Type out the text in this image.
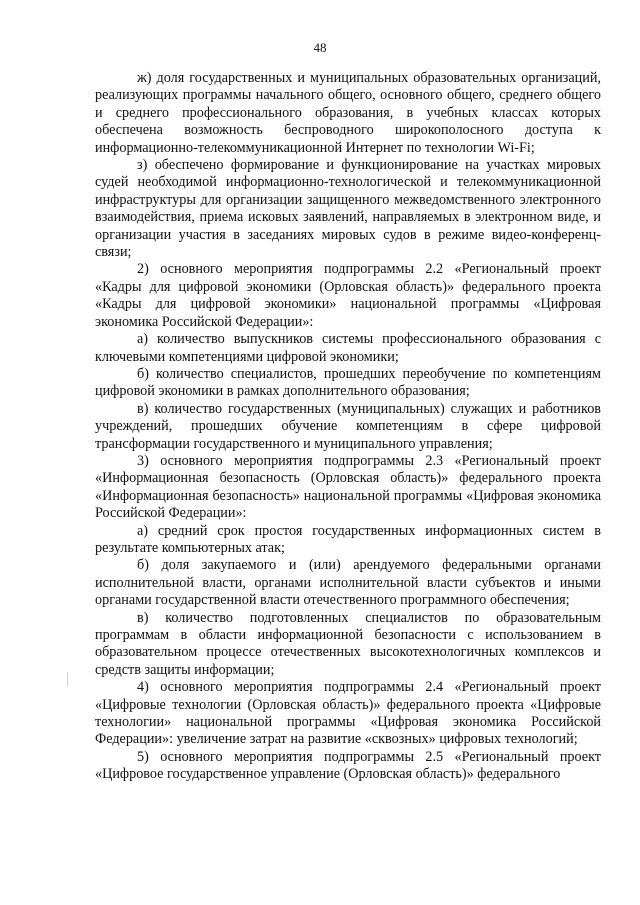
48

ж) доля государственных и муниципальных образовательных организаций, реализующих программы начального общего, основного общего, среднего общего и среднего профессионального образования, в учебных классах которых обеспечена возможность беспроводного широкополосного доступа к информационно-телекоммуникационной Интернет по технологии Wi-Fi;

з) обеспечено формирование и функционирование на участках мировых судей необходимой информационно-технологической и телекоммуникационной инфраструктуры для организации защищенного межведомственного электронного взаимодействия, приема исковых заявлений, направляемых в электронном виде, и организации участия в заседаниях мировых судов в режиме видео-конференц-связи;

2) основного мероприятия подпрограммы 2.2 «Региональный проект «Кадры для цифровой экономики (Орловская область)» федерального проекта «Кадры для цифровой экономики» национальной программы «Цифровая экономика Российской Федерации»:

а) количество выпускников системы профессионального образования с ключевыми компетенциями цифровой экономики;

б) количество специалистов, прошедших переобучение по компетенциям цифровой экономики в рамках дополнительного образования;

в) количество государственных (муниципальных) служащих и работников учреждений, прошедших обучение компетенциям в сфере цифровой трансформации государственного и муниципального управления;

3) основного мероприятия подпрограммы 2.3 «Региональный проект «Информационная безопасность (Орловская область)» федерального проекта «Информационная безопасность» национальной программы «Цифровая экономика Российской Федерации»:

а) средний срок простоя государственных информационных систем в результате компьютерных атак;

б) доля закупаемого и (или) арендуемого федеральными органами исполнительной власти, органами исполнительной власти субъектов и иными органами государственной власти отечественного программного обеспечения;

в) количество подготовленных специалистов по образовательным программам в области информационной безопасности с использованием в образовательном процессе отечественных высокотехнологичных комплексов и средств защиты информации;

4) основного мероприятия подпрограммы 2.4 «Региональный проект «Цифровые технологии (Орловская область)» федерального проекта «Цифровые технологии» национальной программы «Цифровая экономика Российской Федерации»: увеличение затрат на развитие «сквозных» цифровых технологий;

5) основного мероприятия подпрограммы 2.5 «Региональный проект «Цифровое государственное управление (Орловская область)» федерального
